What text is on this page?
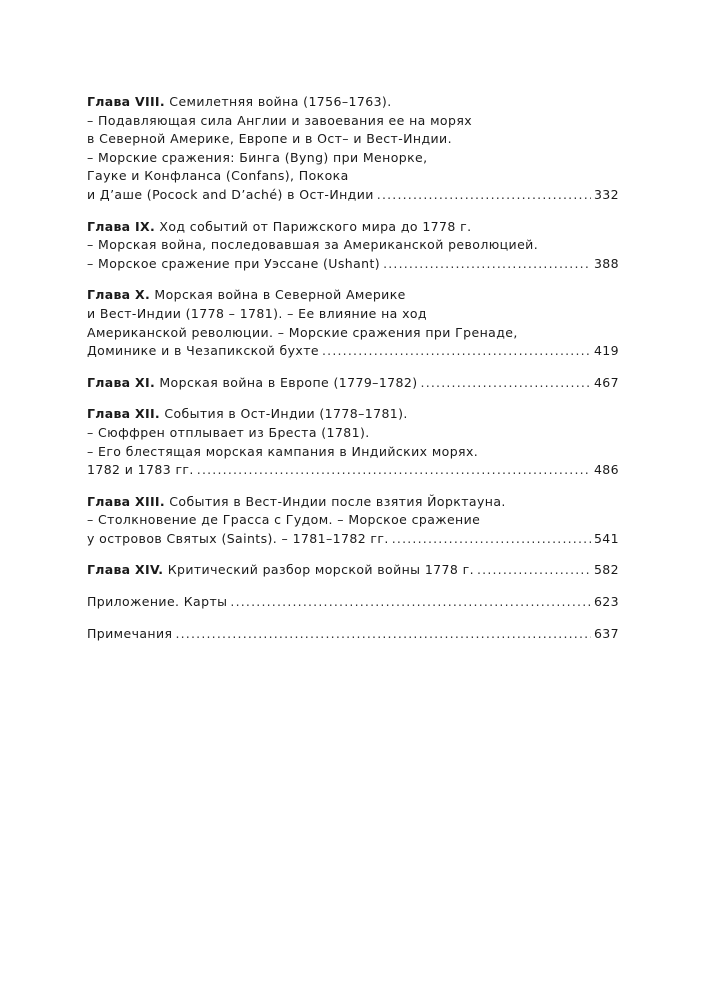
Глава VIII. Семилетняя война (1756–1763).
– Подавляющая сила Англии и завоевания ее на морях
в Северной Америке, Европе и в Ост– и Вест-Индии.
– Морские сражения: Бинга (Byng) при Менорке,
Гауке и Конфланса (Confans), Покока
и Д’аше (Pocock and D’aché) в Ост-Индии .....	332
Глава IX. Ход событий от Парижского мира до 1778 г.
– Морская война, последовавшая за Американской революцией.
– Морское сражение при Уэссане (Ushant) .....	388
Глава X. Морская война в Северной Америке
и Вест-Индии (1778 – 1781). – Ее влияние на ход
Американской революции. – Морские сражения при Гренаде,
Доминике и в Чезапикской бухте .....	419
Глава XI. Морская война в Европе (1779–1782) .....	467
Глава XII. События в Ост-Индии (1778–1781).
– Сюффрен отплывает из Бреста (1781).
– Его блестящая морская кампания в Индийских морях.
1782 и 1783 гг. .....	486
Глава XIII. События в Вест-Индии после взятия Йорктауна.
– Столкновение де Грасса с Гудом. – Морское сражение
у островов Святых (Saints). – 1781–1782 гг. .....	541
Глава XIV. Критический разбор морской войны 1778 г. .....	582
Приложение. Карты .....	623
Примечания .....	637
